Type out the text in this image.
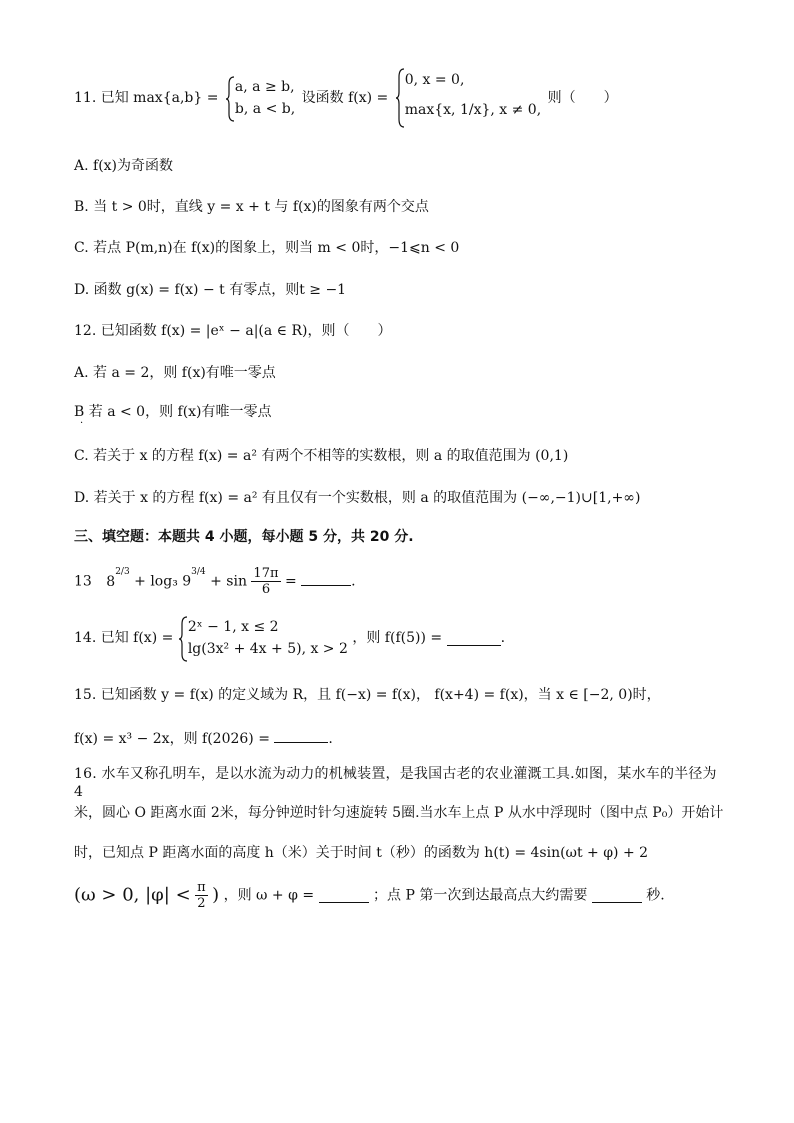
11. 已知 max{a,b} =
a, a ≥ b,
b, a < b,
设函数 f(x) =
0, x = 0,
max{x, 1/x}, x ≠ 0,
则（　　）
A. f(x)为奇函数
B. 当 t > 0时，直线 y = x + t 与 f(x)的图象有两个交点
C. 若点 P(m,n)在 f(x)的图象上，则当 m < 0时，−1⩽n < 0
D. 函数 g(x) = f(x) − t 有零点，则t ≥ −1
12. 已知函数 f(x) = |eˣ − a|(a ∈ R)，则（　　）
A. 若 a = 2，则 f(x)有唯一零点
B 若 a < 0，则 f(x)有唯一零点
·
C. 若关于 x 的方程 f(x) = a² 有两个不相等的实数根，则 a 的取值范围为 (0,1)
D. 若关于 x 的方程 f(x) = a² 有且仅有一个实数根，则 a 的取值范围为 (−∞,−1)∪[1,+∞)
三、填空题：本题共 4 小题，每小题 5 分，共 20 分.
13 $8^{2/3} + \log_3$ $9^{3/4} + \sin \frac{17\pi}{6}$ =	.
14. 已知 f(x) =
2ˣ − 1, x ≤ 2
lg(3x² + 4x + 5), x > 2
，则 f(f(5)) =	.
15. 已知函数 y = f(x) 的定义域为 R，且 f(−x) = f(x)， f(x+4) = f(x)，当 x ∈ [−2, 0)时，
f(x) = x³ − 2x，则 f(2026) =	.
16. 水车又称孔明车，是以水流为动力的机械装置，是我国古老的农业灌溉工具.如图，某水车的半径为 4
米，圆心 O 距离水面 2米，每分钟逆时针匀速旋转 5圈.当水车上点 P 从水中浮现时（图中点 P₀）开始计
时，已知点 P 距离水面的高度 h（米）关于时间 t（秒）的函数为 h(t) = 4sin(ωt + φ) + 2
(ω > 0, $|\varphi| < \frac{\pi}{2}$ ) ，则 ω + φ =	；点 P 第一次到达最高点大约需要	秒.
